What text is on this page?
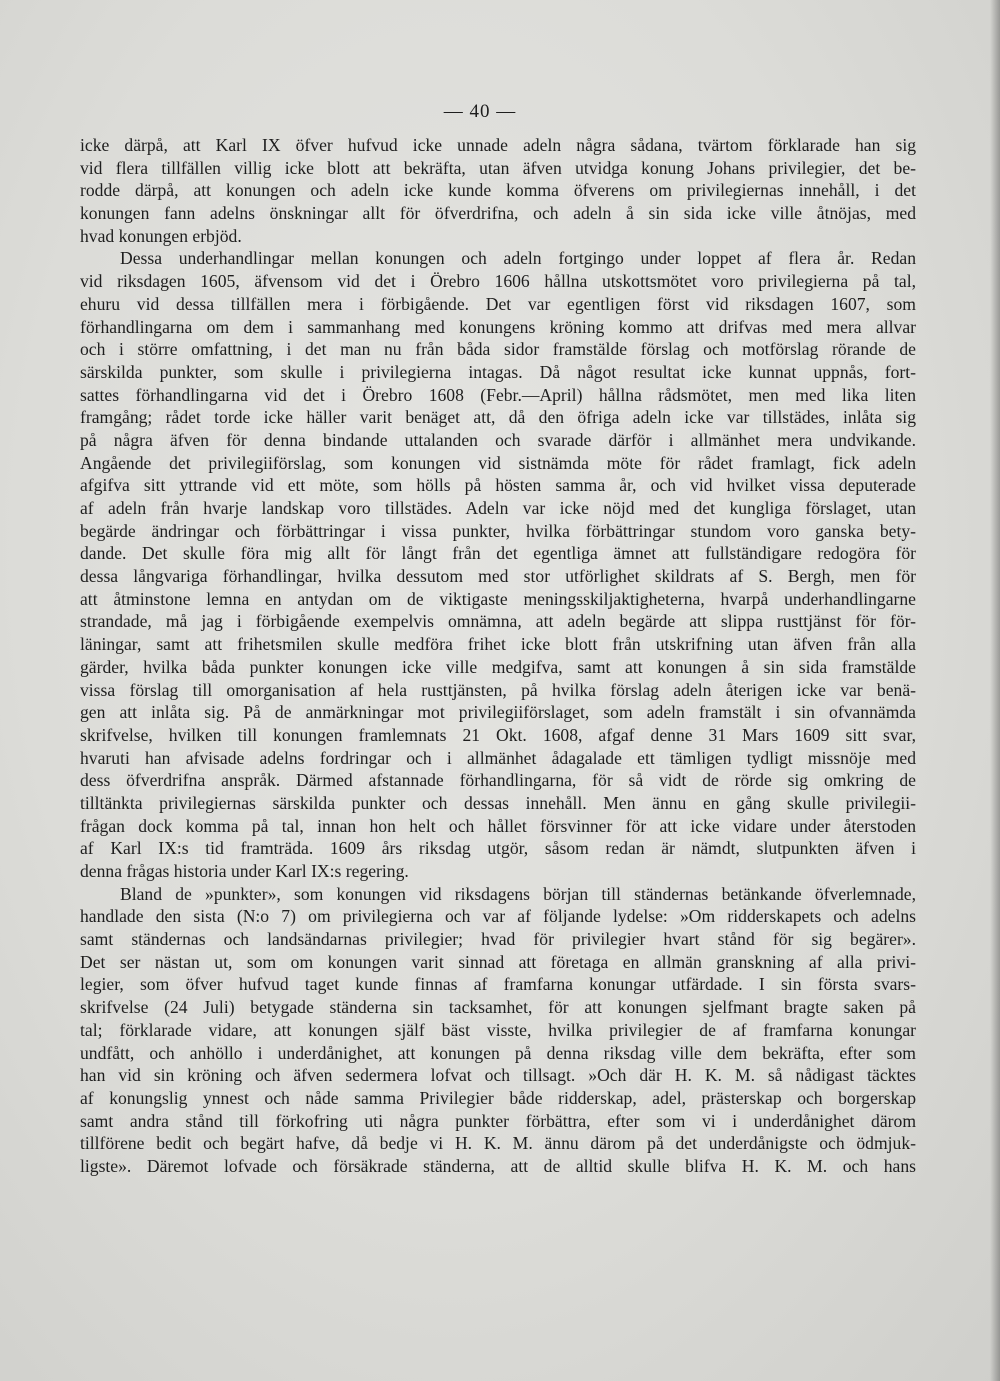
— 40 —
icke därpå, att Karl IX öfver hufvud icke unnade adeln några sådana, tvärtom förklarade han sig
vid flera tillfällen villig icke blott att bekräfta, utan äfven utvidga konung Johans privilegier, det be-
rodde därpå, att konungen och adeln icke kunde komma öfverens om privilegiernas innehåll, i det
konungen fann adelns önskningar allt för öfverdrifna, och adeln å sin sida icke ville åtnöjas, med
hvad konungen erbjöd.
Dessa underhandlingar mellan konungen och adeln fortgingo under loppet af flera år. Redan
vid riksdagen 1605, äfvensom vid det i Örebro 1606 hållna utskottsmötet voro privilegierna på tal,
ehuru vid dessa tillfällen mera i förbigående. Det var egentligen först vid riksdagen 1607, som
förhandlingarna om dem i sammanhang med konungens kröning kommo att drifvas med mera allvar
och i större omfattning, i det man nu från båda sidor framstälde förslag och motförslag rörande de
särskilda punkter, som skulle i privilegierna intagas. Då något resultat icke kunnat uppnås, fort-
sattes förhandlingarna vid det i Örebro 1608 (Febr.—April) hållna rådsmötet, men med lika liten
framgång; rådet torde icke häller varit benäget att, då den öfriga adeln icke var tillstädes, inlåta sig
på några äfven för denna bindande uttalanden och svarade därför i allmänhet mera undvikande.
Angående det privilegiiförslag, som konungen vid sistnämda möte för rådet framlagt, fick adeln
afgifva sitt yttrande vid ett möte, som hölls på hösten samma år, och vid hvilket vissa deputerade
af adeln från hvarje landskap voro tillstädes. Adeln var icke nöjd med det kungliga förslaget, utan
begärde ändringar och förbättringar i vissa punkter, hvilka förbättringar stundom voro ganska bety-
dande. Det skulle föra mig allt för långt från det egentliga ämnet att fullständigare redogöra för
dessa långvariga förhandlingar, hvilka dessutom med stor utförlighet skildrats af S. Bergh, men för
att åtminstone lemna en antydan om de viktigaste meningsskiljaktigheterna, hvarpå underhandlingarne
strandade, må jag i förbigående exempelvis omnämna, att adeln begärde att slippa rusttjänst för för-
läningar, samt att frihetsmilen skulle medföra frihet icke blott från utskrifning utan äfven från alla
gärder, hvilka båda punkter konungen icke ville medgifva, samt att konungen å sin sida framstälde
vissa förslag till omorganisation af hela rusttjänsten, på hvilka förslag adeln återigen icke var benä-
gen att inlåta sig. På de anmärkningar mot privilegiiförslaget, som adeln framstält i sin ofvannämda
skrifvelse, hvilken till konungen framlemnats 21 Okt. 1608, afgaf denne 31 Mars 1609 sitt svar,
hvaruti han afvisade adelns fordringar och i allmänhet ådagalade ett tämligen tydligt missnöje med
dess öfverdrifna anspråk. Därmed afstannade förhandlingarna, för så vidt de rörde sig omkring de
tilltänkta privilegiernas särskilda punkter och dessas innehåll. Men ännu en gång skulle privilegii-
frågan dock komma på tal, innan hon helt och hållet försvinner för att icke vidare under återstoden
af Karl IX:s tid framträda. 1609 års riksdag utgör, såsom redan är nämdt, slutpunkten äfven i
denna frågas historia under Karl IX:s regering.
Bland de »punkter», som konungen vid riksdagens början till ständernas betänkande öfverlemnade,
handlade den sista (N:o 7) om privilegierna och var af följande lydelse: »Om ridderskapets och adelns
samt ständernas och landsändarnas privilegier; hvad för privilegier hvart stånd för sig begärer».
Det ser nästan ut, som om konungen varit sinnad att företaga en allmän granskning af alla privi-
legier, som öfver hufvud taget kunde finnas af framfarna konungar utfärdade. I sin första svars-
skrifvelse (24 Juli) betygade ständerna sin tacksamhet, för att konungen sjelfmant bragte saken på
tal; förklarade vidare, att konungen själf bäst visste, hvilka privilegier de af framfarna konungar
undfått, och anhöllo i underdånighet, att konungen på denna riksdag ville dem bekräfta, efter som
han vid sin kröning och äfven sedermera lofvat och tillsagt. »Och där H. K. M. så nådigast täcktes
af konungslig ynnest och nåde samma Privilegier både ridderskap, adel, prästerskap och borgerskap
samt andra stånd till förkofring uti några punkter förbättra, efter som vi i underdånighet därom
tillförene bedit och begärt hafve, då bedje vi H. K. M. ännu därom på det underdånigste och ödmjuk-
ligste». Däremot lofvade och försäkrade ständerna, att de alltid skulle blifva H. K. M. och hans
